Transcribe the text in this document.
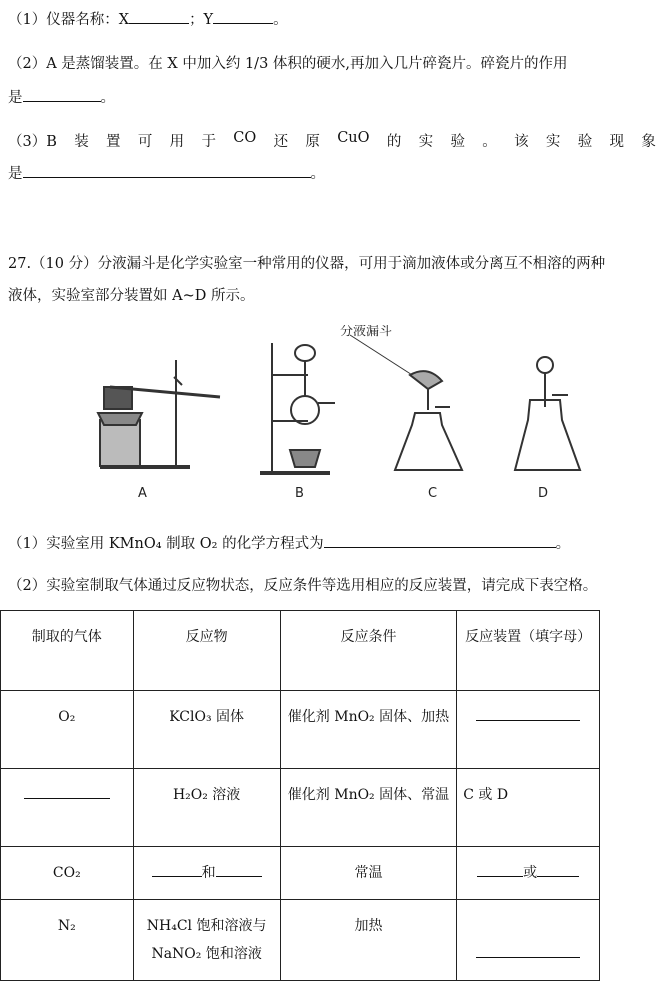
（1）仪器名称：X	；Y	。
（2）A 是蒸馏装置。在 X 中加入约 1/3 体积的硬水,再加入几片碎瓷片。碎瓷片的作用
是	。
（3）B 装 置 可 用 于 CO 还 原 CuO 的 实 验 。 该 实 验 现 象
是	。
27.（10 分）分液漏斗是化学实验室一种常用的仪器，可用于滴加液体或分离互不相溶的两种
液体，实验室部分装置如 A~D 所示。
分液漏斗
A	B	C	D
（1）实验室用 KMnO₄ 制取 O₂ 的化学方程式为	。
（2）实验室制取气体通过反应物状态，反应条件等选用相应的反应装置，请完成下表空格。
制取的气体	反应物	反应条件	反应装置（填字母）
O₂	KClO₃ 固体	催化剂 MnO₂ 固体、加热	
	H₂O₂ 溶液	催化剂 MnO₂ 固体、常温	C 或 D
CO₂	和	常温	或
N₂	NH₄Cl 饱和溶液与 NaNO₂ 饱和溶液	加热	
